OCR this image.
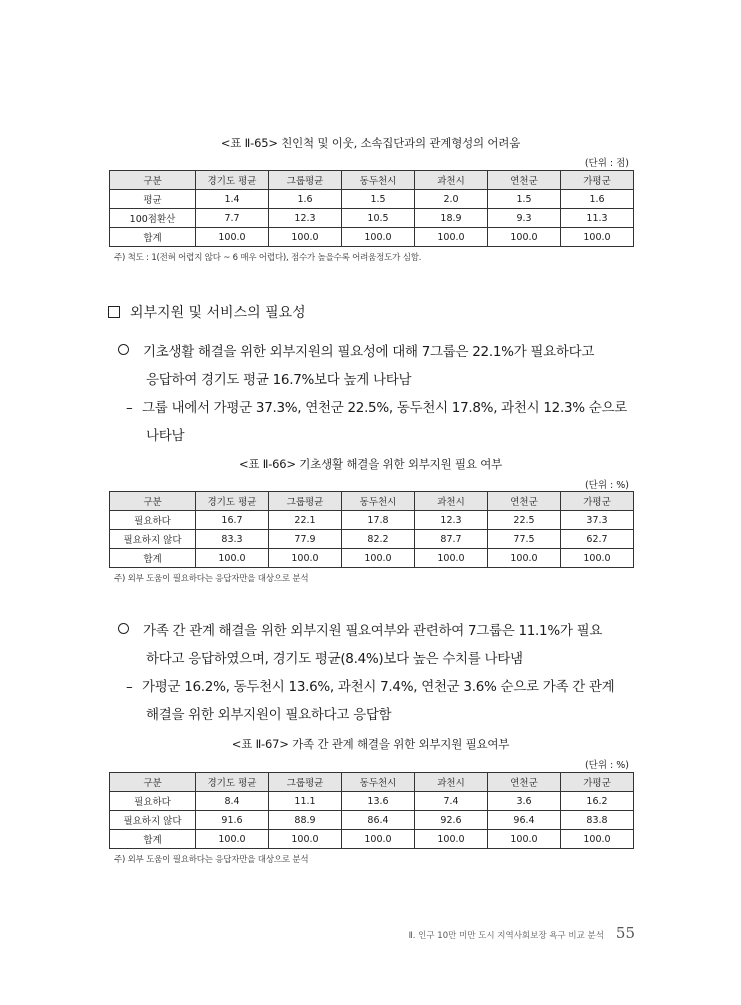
<표 Ⅱ-65> 친인척 및 이웃, 소속집단과의 관계형성의 어려움
(단위 : 점)
구분	경기도 평균	그룹평균	동두천시	과천시	연천군	가평군
평균	1.4	1.6	1.5	2.0	1.5	1.6
100점환산	7.7	12.3	10.5	18.9	9.3	11.3
합계	100.0	100.0	100.0	100.0	100.0	100.0
주) 척도 : 1(전혀 어렵지 않다 ~ 6 매우 어렵다), 점수가 높을수록 어려움정도가 심함.
외부지원 및 서비스의 필요성
기초생활 해결을 위한 외부지원의 필요성에 대해 7그룹은 22.1%가 필요하다고
응답하여 경기도 평균 16.7%보다 높게 나타남
– 그룹 내에서 가평군 37.3%, 연천군 22.5%, 동두천시 17.8%, 과천시 12.3% 순으로
나타남
<표 Ⅱ-66> 기초생활 해결을 위한 외부지원 필요 여부
(단위 : %)
구분	경기도 평균	그룹평균	동두천시	과천시	연천군	가평군
필요하다	16.7	22.1	17.8	12.3	22.5	37.3
필요하지 않다	83.3	77.9	82.2	87.7	77.5	62.7
합계	100.0	100.0	100.0	100.0	100.0	100.0
주) 외부 도움이 필요하다는 응답자만을 대상으로 분석
가족 간 관계 해결을 위한 외부지원 필요여부와 관련하여 7그룹은 11.1%가 필요
하다고 응답하였으며, 경기도 평균(8.4%)보다 높은 수치를 나타냄
– 가평군 16.2%, 동두천시 13.6%, 과천시 7.4%, 연천군 3.6% 순으로 가족 간 관계
해결을 위한 외부지원이 필요하다고 응답함
<표 Ⅱ-67> 가족 간 관계 해결을 위한 외부지원 필요여부
(단위 : %)
구분	경기도 평균	그룹평균	동두천시	과천시	연천군	가평군
필요하다	8.4	11.1	13.6	7.4	3.6	16.2
필요하지 않다	91.6	88.9	86.4	92.6	96.4	83.8
합계	100.0	100.0	100.0	100.0	100.0	100.0
주) 외부 도움이 필요하다는 응답자만을 대상으로 분석
Ⅱ. 인구 10만 미만 도시 지역사회보장 욕구 비교 분석 55
